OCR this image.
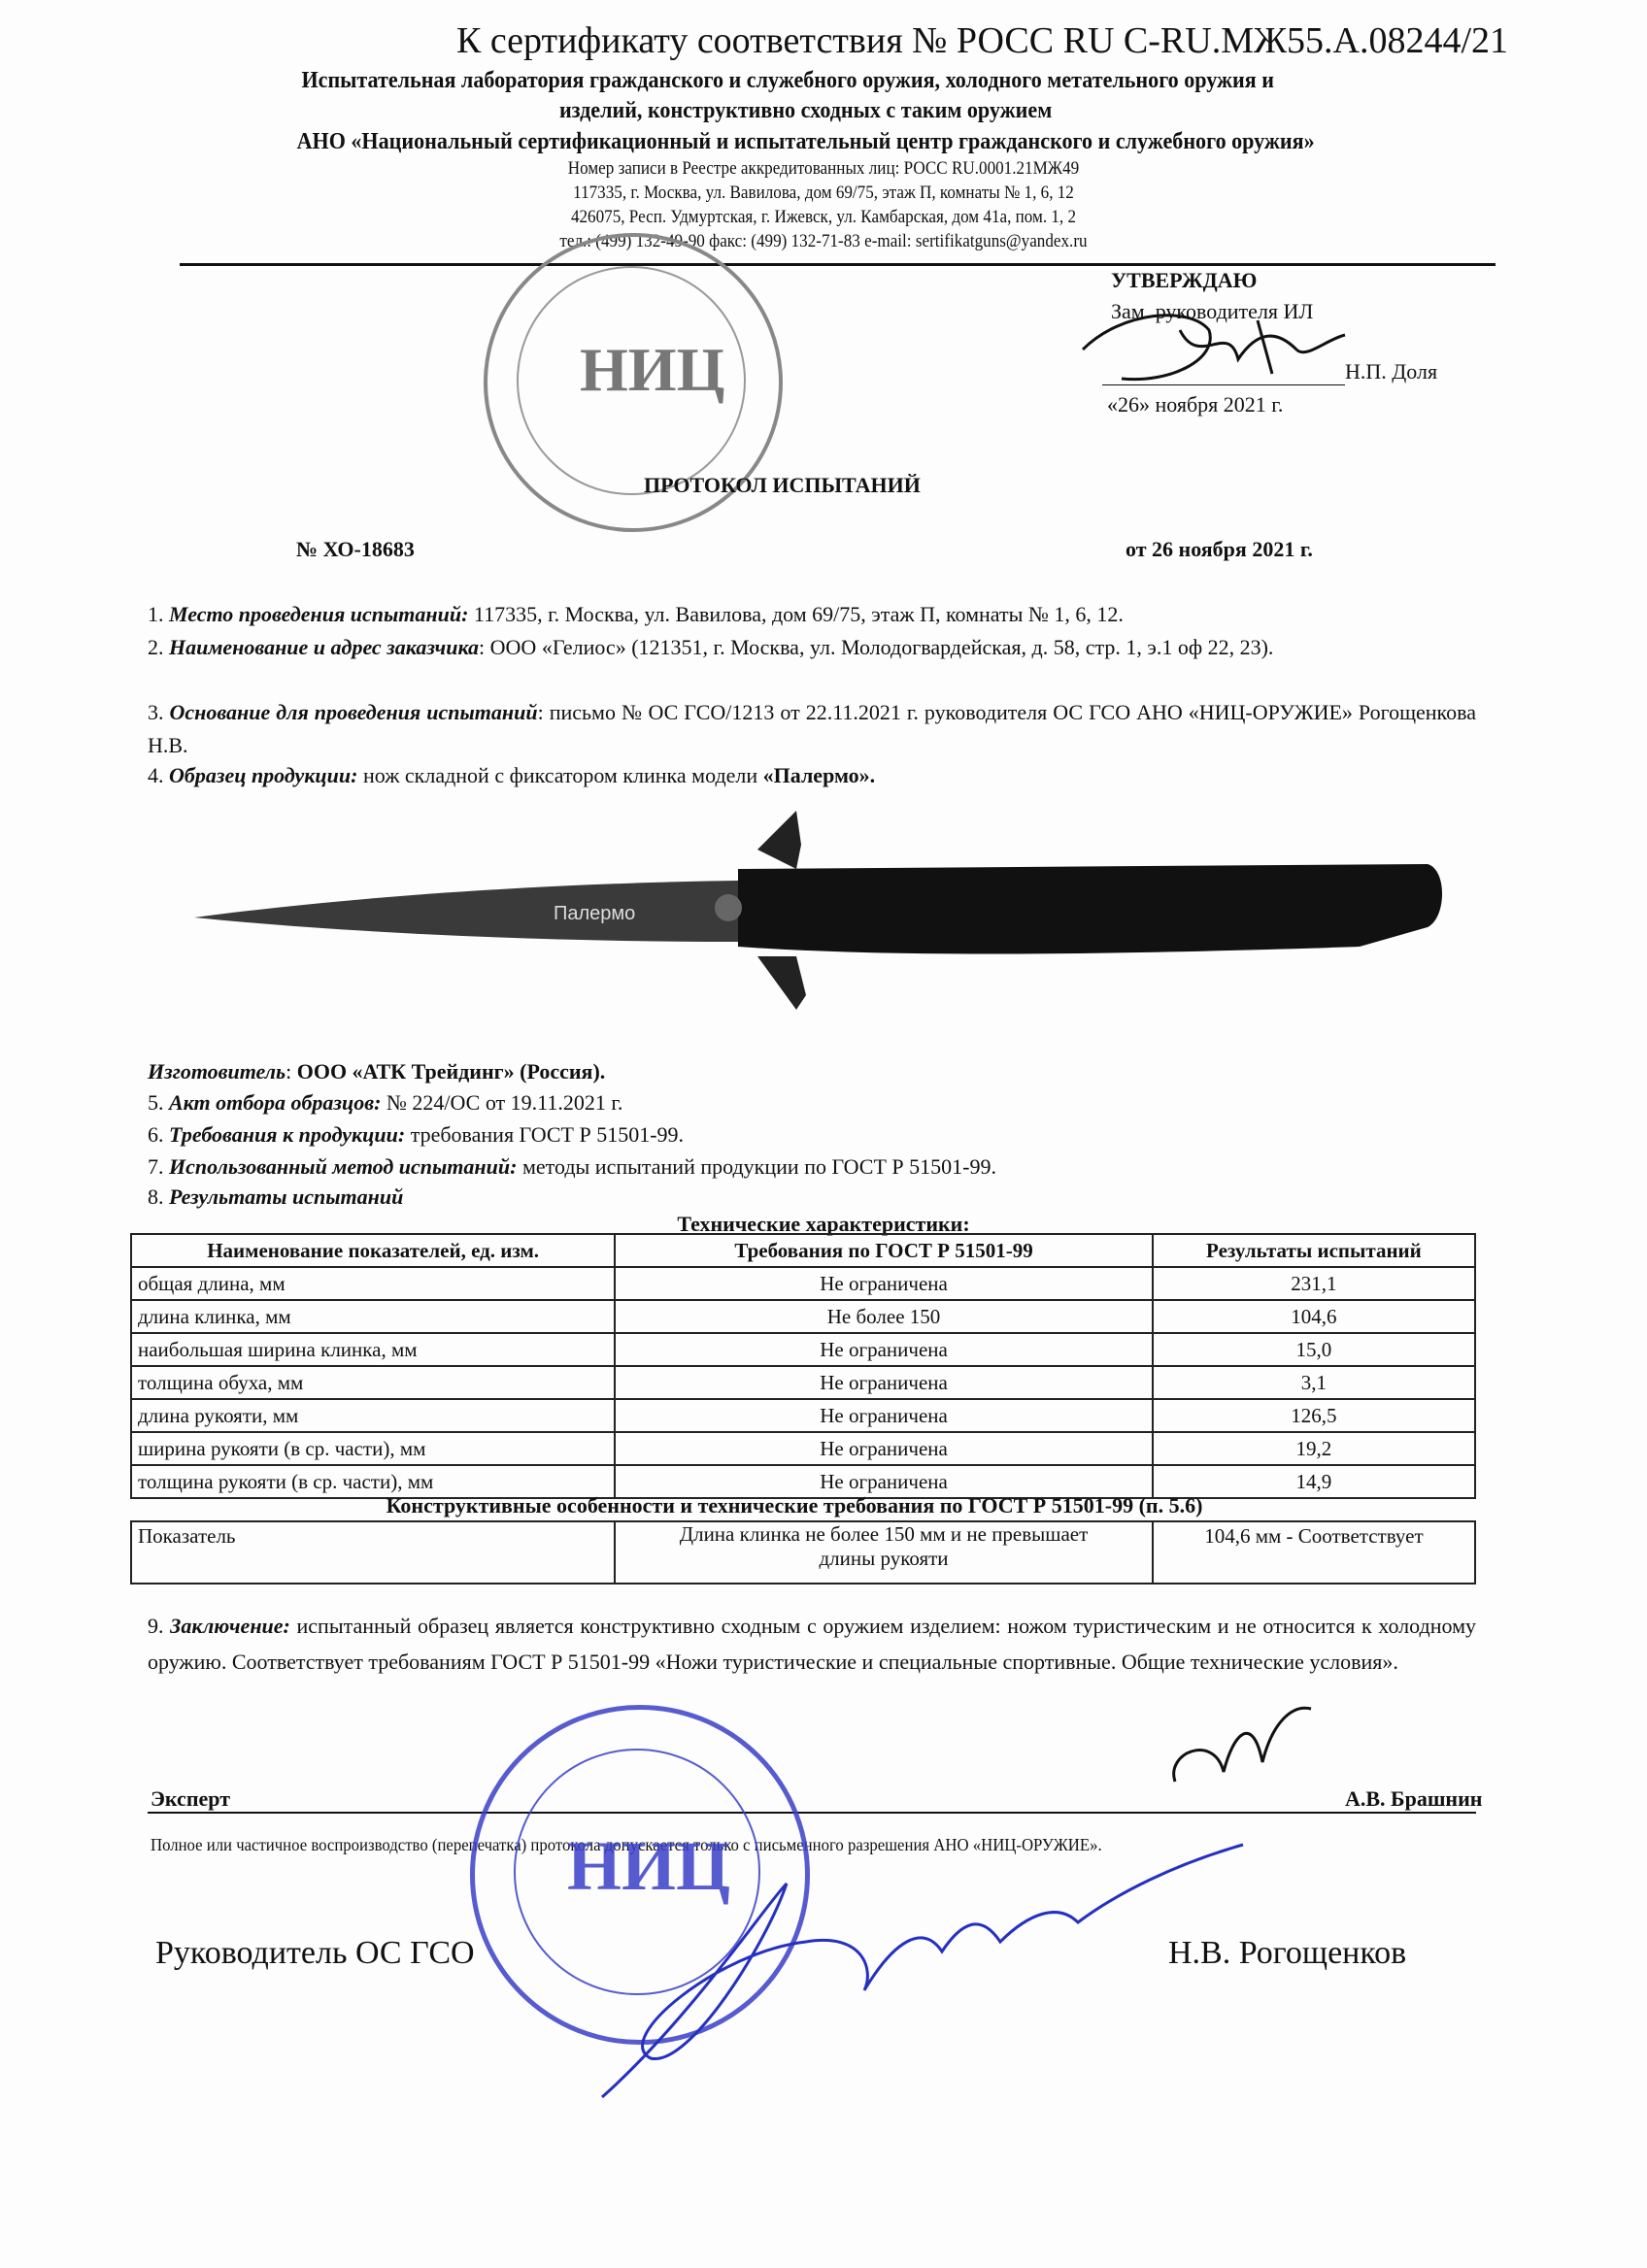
К сертификату соответствия № РОСС RU C-RU.МЖ55.А.08244/21
Испытательная лаборатория гражданского и служебного оружия, холодного метательного оружия и
изделий, конструктивно сходных с таким оружием
АНО «Национальный сертификационный и испытательный центр гражданского и служебного оружия»
Номер записи в Реестре аккредитованных лиц: РОСС RU.0001.21МЖ49
117335, г. Москва, ул. Вавилова, дом 69/75, этаж П, комнаты № 1, 6, 12
426075, Респ. Удмуртская, г. Ижевск, ул. Камбарская, дом 41а, пом. 1, 2
тел.: (499) 132-49-90 факс: (499) 132-71-83 e-mail: sertifikatguns@yandex.ru
НИЦ
УТВЕРЖДАЮ
Зам. руководителя ИЛ
Н.П. Доля
«26» ноября 2021 г.
ПРОТОКОЛ ИСПЫТАНИЙ
№ ХО-18683	от 26 ноября 2021 г.
1. Место проведения испытаний: 117335, г. Москва, ул. Вавилова, дом 69/75, этаж П, комнаты № 1, 6, 12.
2. Наименование и адрес заказчика: ООО «Гелиос» (121351, г. Москва, ул. Молодогвардейская, д. 58, стр. 1, э.1 оф 22, 23).
3. Основание для проведения испытаний: письмо № ОС ГСО/1213 от 22.11.2021 г. руководителя ОС ГСО АНО «НИЦ-ОРУЖИЕ» Рогощенкова Н.В.
4. Образец продукции: нож складной с фиксатором клинка модели «Палермо».
Палермо
Изготовитель: ООО «АТК Трейдинг» (Россия).
5. Акт отбора образцов: № 224/ОС от 19.11.2021 г.
6. Требования к продукции: требования ГОСТ Р 51501-99.
7. Использованный метод испытаний: методы испытаний продукции по ГОСТ Р 51501-99.
8. Результаты испытаний
Технические характеристики:
Наименование показателей, ед. изм.	Требования по ГОСТ Р 51501-99	Результаты испытаний
общая длина, мм	Не ограничена	231,1
длина клинка, мм	Не более 150	104,6
наибольшая ширина клинка, мм	Не ограничена	15,0
толщина обуха, мм	Не ограничена	3,1
длина рукояти, мм	Не ограничена	126,5
ширина рукояти (в ср. части), мм	Не ограничена	19,2
толщина рукояти (в ср. части), мм	Не ограничена	14,9
Конструктивные особенности и технические требования по ГОСТ Р 51501-99 (п. 5.6)
Показатель	Длина клинка не более 150 мм и не превышает длины рукояти	104,6 мм - Соответствует
9. Заключение: испытанный образец является конструктивно сходным с оружием изделием: ножом туристическим и не относится к холодному оружию. Соответствует требованиям ГОСТ Р 51501-99 «Ножи туристические и специальные спортивные. Общие технические условия».
Эксперт	А.В. Брашнин
Полное или частичное воспроизводство (перепечатка) протокола допускается только с письменного разрешения АНО «НИЦ-ОРУЖИЕ».
НИЦ
Руководитель ОС ГСО	Н.В. Рогощенков
